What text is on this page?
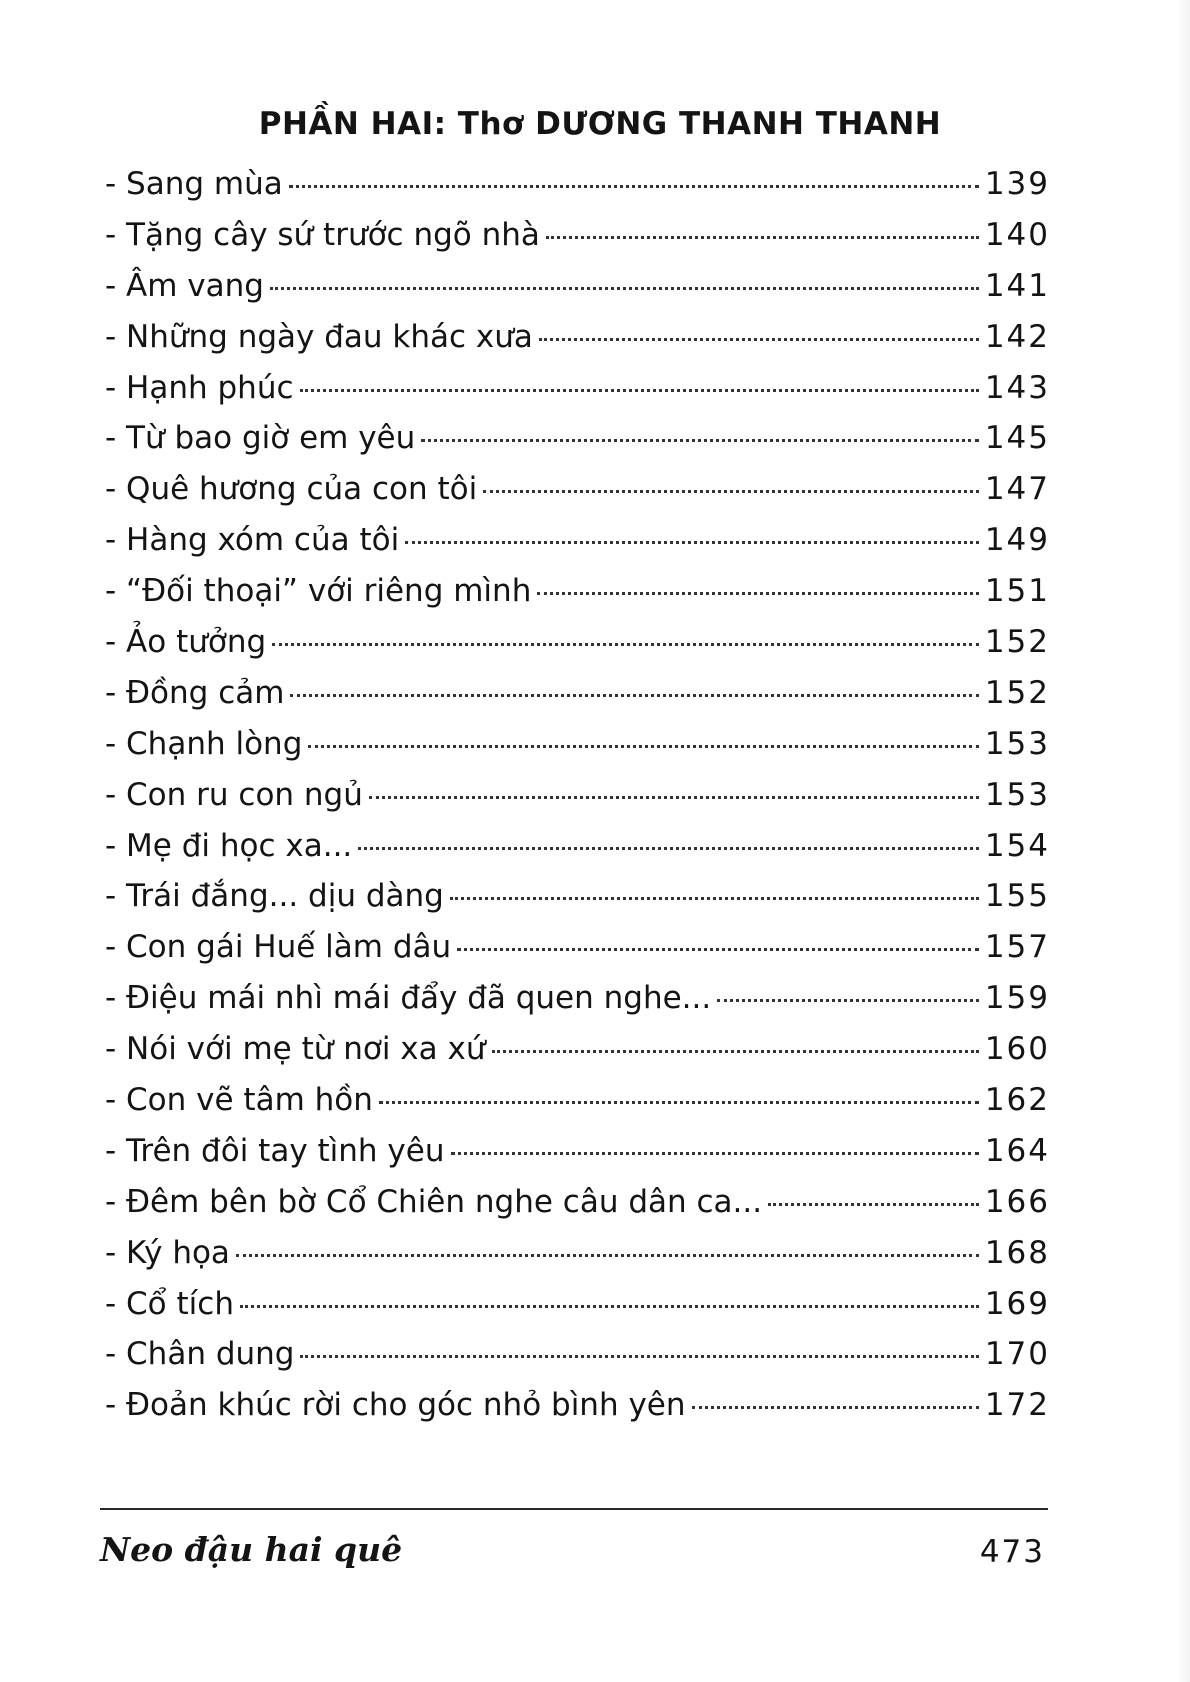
PHẦN HAI: Thơ DƯƠNG THANH THANH
- Sang mùa	139
- Tặng cây sứ trước ngõ nhà	140
- Âm vang	141
- Những ngày đau khác xưa	142
- Hạnh phúc	143
- Từ bao giờ em yêu	145
- Quê hương của con tôi	147
- Hàng xóm của tôi	149
- “Đối thoại” với riêng mình	151
- Ảo tưởng	152
- Đồng cảm	152
- Chạnh lòng	153
- Con ru con ngủ	153
- Mẹ đi học xa...	154
- Trái đắng... dịu dàng	155
- Con gái Huế làm dâu	157
- Điệu mái nhì mái đẩy đã quen nghe...	159
- Nói với mẹ từ nơi xa xứ	160
- Con vẽ tâm hồn	162
- Trên đôi tay tình yêu	164
- Đêm bên bờ Cổ Chiên nghe câu dân ca...	166
- Ký họa	168
- Cổ tích	169
- Chân dung	170
- Đoản khúc rời cho góc nhỏ bình yên	172

Neo đậu hai quê	473
